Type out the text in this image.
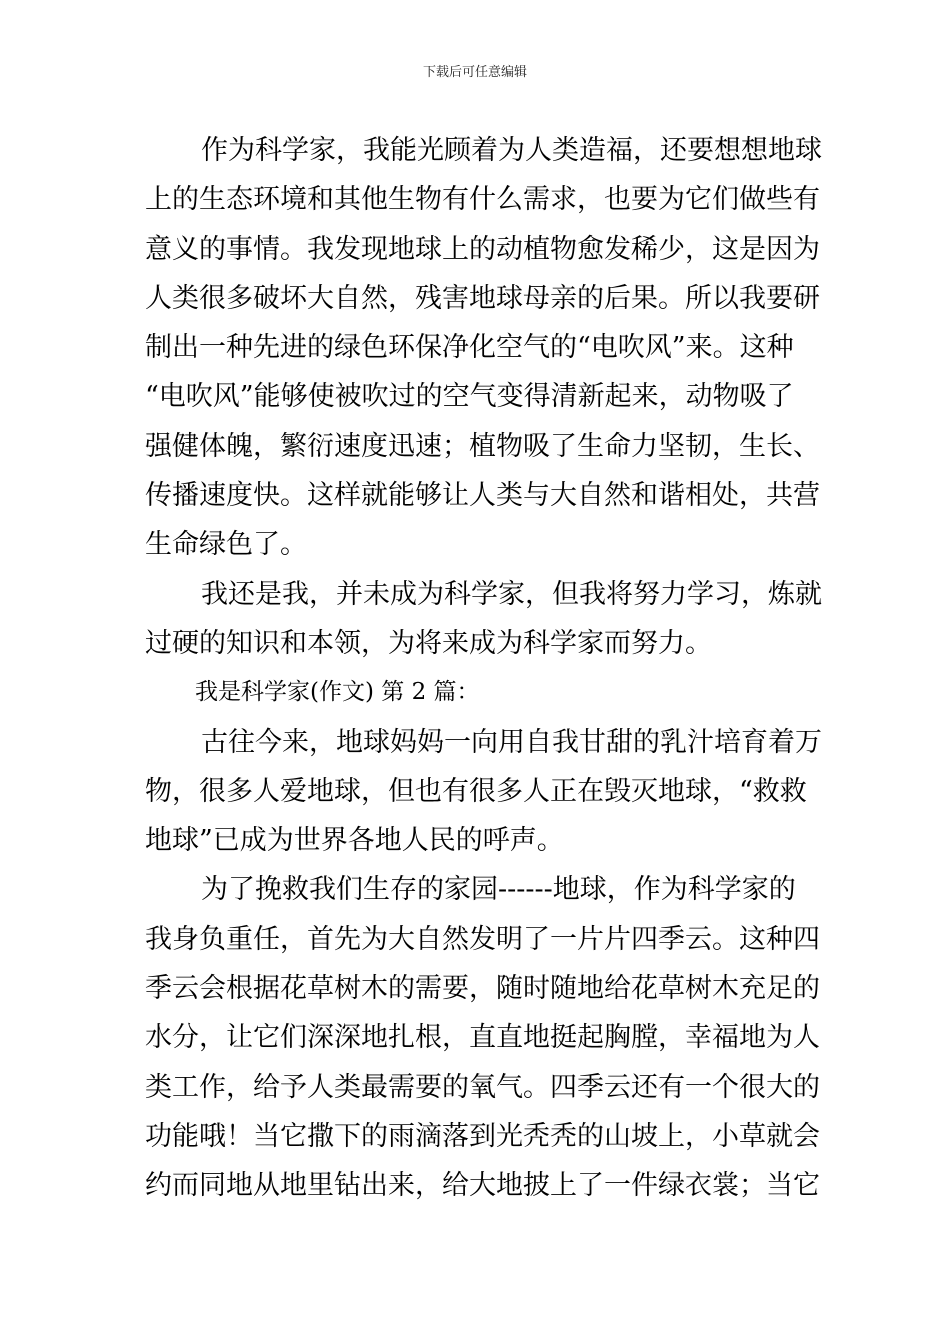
下载后可任意编辑

作为科学家，我能光顾着为人类造福，还要想想地球
上的生态环境和其他生物有什么需求，也要为它们做些有
意义的事情。我发现地球上的动植物愈发稀少，这是因为
人类很多破坏大自然，残害地球母亲的后果。所以我要研
制出一种先进的绿色环保净化空气的“电吹风”来。这种
“电吹风”能够使被吹过的空气变得清新起来，动物吸了
强健体魄，繁衍速度迅速；植物吸了生命力坚韧，生长、
传播速度快。这样就能够让人类与大自然和谐相处，共营
生命绿色了。

我还是我，并未成为科学家，但我将努力学习，炼就
过硬的知识和本领，为将来成为科学家而努力。

我是科学家(作文) 第 2 篇：

古往今来，地球妈妈一向用自我甘甜的乳汁培育着万
物，很多人爱地球，但也有很多人正在毁灭地球，“救救
地球”已成为世界各地人民的呼声。

为了挽救我们生存的家园------地球，作为科学家的
我身负重任，首先为大自然发明了一片片四季云。这种四
季云会根据花草树木的需要，随时随地给花草树木充足的
水分，让它们深深地扎根，直直地挺起胸膛，幸福地为人
类工作，给予人类最需要的氧气。四季云还有一个很大的
功能哦！当它撒下的雨滴落到光秃秃的山坡上，小草就会
约而同地从地里钻出来，给大地披上了一件绿衣裳；当它
